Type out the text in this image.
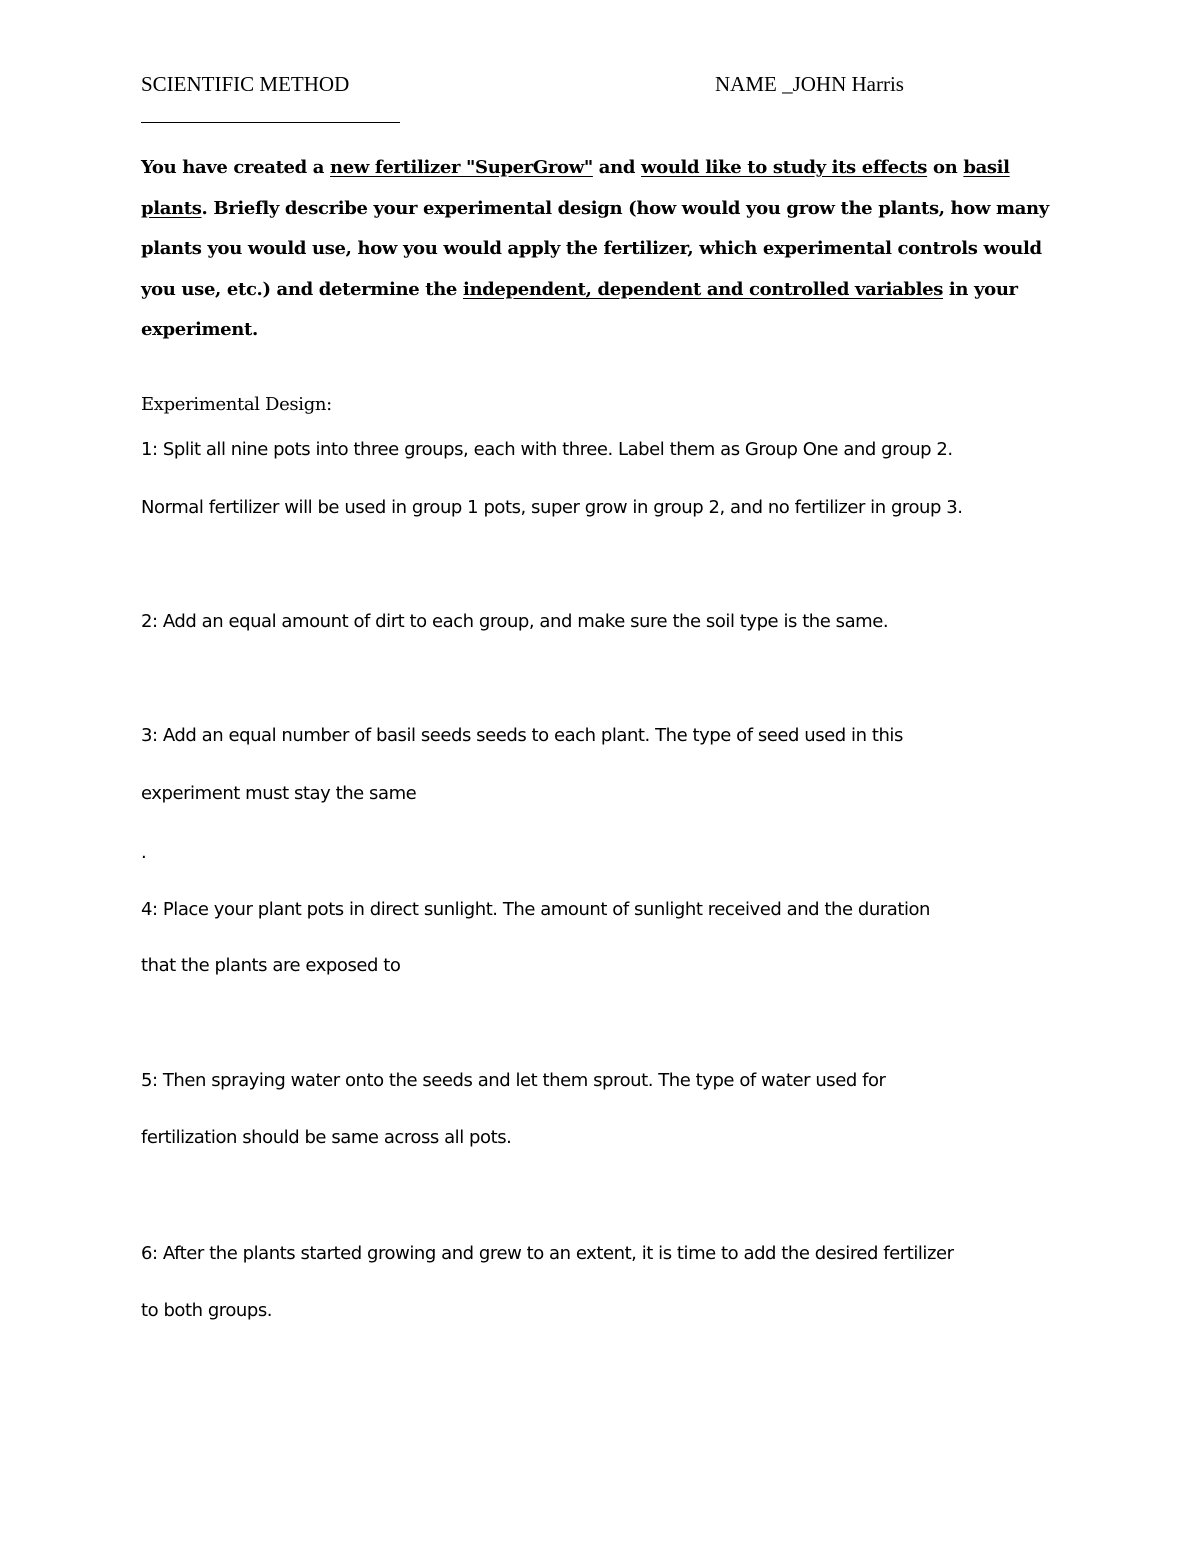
SCIENTIFIC METHOD	NAME _JOHN Harris
You have created a new fertilizer "SuperGrow" and would like to study its effects on basil plants. Briefly describe your experimental design (how would you grow the plants, how many plants you would use, how you would apply the fertilizer, which experimental controls would you use, etc.) and determine the independent, dependent and controlled variables in your experiment.
Experimental Design:
1: Split all nine pots into three groups, each with three. Label them as Group One and group 2.
Normal fertilizer will be used in group 1 pots, super grow in group 2, and no fertilizer in group 3.
2: Add an equal amount of dirt to each group, and make sure the soil type is the same.
3: Add an equal number of basil seeds seeds to each plant. The type of seed used in this
experiment must stay the same
.
4: Place your plant pots in direct sunlight. The amount of sunlight received and the duration
that the plants are exposed to
5: Then spraying water onto the seeds and let them sprout. The type of water used for
fertilization should be same across all pots.
6: After the plants started growing and grew to an extent, it is time to add the desired fertilizer
to both groups.
